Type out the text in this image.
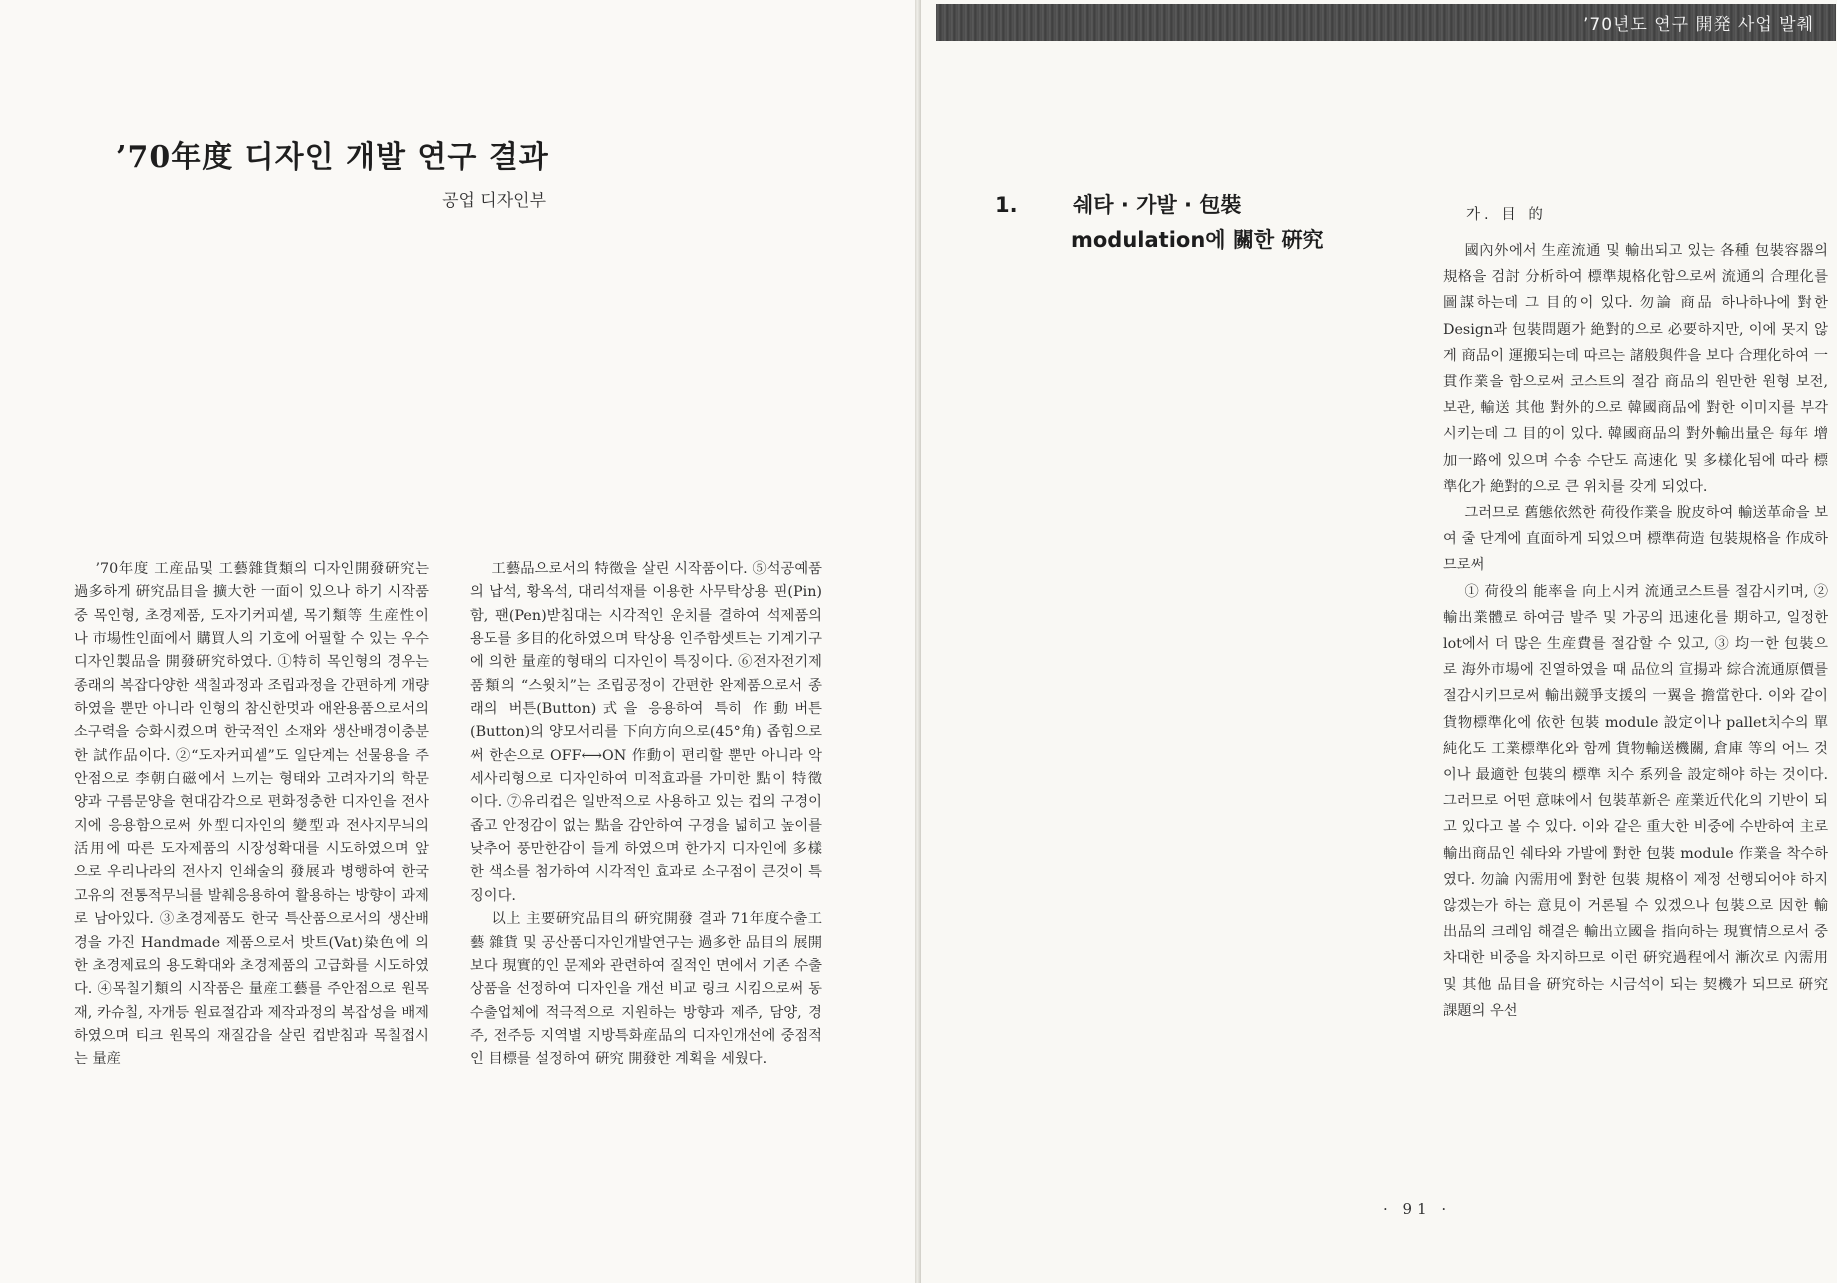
’70年度 디자인 개발 연구 결과
공업 디자인부

’70年度 工産品및 工藝雜貨類의 디자인開發硏究는 過多하게 硏究品目을 擴大한 一面이 있으나 하기 시작품중 목인형, 초경제품, 도자기커피셑, 목기類等 生産性이나 市場性인面에서 購買人의 기호에 어필할 수 있는 우수디자인製品을 開發硏究하였다. ①特히 목인형의 경우는 종래의 복잡다양한 색칠과정과 조립과정을 간편하게 개량하였을 뿐만 아니라 인형의 참신한멋과 애완용품으로서의 소구력을 승화시켰으며 한국적인 소재와 생산배경이충분한 試作品이다. ②“도자커피셑”도 일단계는 선물용을 주안점으로 李朝白磁에서 느끼는 형태와 고려자기의 학문양과 구름문양을 현대감각으로 편화정충한 디자인을 전사지에 응용함으로써 外型디자인의 變型과 전사지무늬의 活用에 따른 도자제품의 시장성확대를 시도하였으며 앞으로 우리나라의 전사지 인쇄술의 發展과 병행하여 한국 고유의 전통적무늬를 발췌응용하여 활용하는 방향이 과제로 남아있다. ③초경제품도 한국 특산품으로서의 생산배경을 가진 Handmade 제품으로서 밧트(Vat)染色에 의한 초경제료의 용도확대와 초경제품의 고급화를 시도하였다. ④목칠기類의 시작품은 量産工藝를 주안점으로 원목재, 카슈칠, 자개등 원료절감과 제작과정의 복잡성을 배제하였으며 티크 원목의 재질감을 살린 컵받침과 목칠접시는 量産

工藝品으로서의 特徵을 살린 시작품이다. ⑤석공예품의 납석, 황옥석, 대리석재를 이용한 사무탁상용 핀(Pin)함, 팬(Pen)받침대는 시각적인 운치를 결하여 석제품의 용도를 多目的化하였으며 탁상용 인주함셋트는 기계기구에 의한 量産的형태의 디자인이 특징이다. ⑥전자전기제품類의 “스윗치”는 조립공정이 간편한 완제품으로서 종래의 버튼(Button)式을 응용하여 특히 作動버튼(Button)의 양모서리를 下向方向으로(45°角) 좁힘으로써 한손으로 OFF⟷ON 作動이 편리할 뿐만 아니라 악세사리형으로 디자인하여 미적효과를 가미한 點이 特徵이다. ⑦유리컵은 일반적으로 사용하고 있는 컵의 구경이 좁고 안정감이 없는 點을 감안하여 구경을 넓히고 높이를 낮추어 풍만한감이 들게 하였으며 한가지 디자인에 多樣한 색소를 첨가하여 시각적인 효과로 소구점이 큰것이 특징이다.

以上 主要硏究品目의 硏究開發 결과 71年度수출工藝 雜貨 및 공산품디자인개발연구는 過多한 品目의 展開보다 現實的인 문제와 관련하여 질적인 면에서 기존 수출상품을 선정하여 디자인을 개선 비교 링크 시킴으로써 동수출업체에 적극적으로 지원하는 방향과 제주, 담양, 경주, 전주등 지역별 지방특화産品의 디자인개선에 중점적인 目標를 설정하여 硏究 開發한 계획을 세웠다.

’70년도 연구 開発 사업 발췌
1.	쉐타 · 가발 · 包裝
modulation에 關한 硏究
가. 目 的

國內外에서 生産流通 및 輸出되고 있는 各種 包裝容器의 規格을 검討 分析하여 標準規格化함으로써 流通의 合理化를 圖謀하는데 그 目的이 있다. 勿論 商品 하나하나에 對한 Design과 包裝問題가 絶對的으로 必要하지만, 이에 못지 않게 商品이 運搬되는데 따르는 諸般與件을 보다 合理化하여 一貫作業을 함으로써 코스트의 절감 商品의 원만한 원형 보전, 보관, 輸送 其他 對外的으로 韓國商品에 對한 이미지를 부각시키는데 그 目的이 있다. 韓國商品의 對外輸出量은 每年 增加一路에 있으며 수송 수단도 高速化 및 多樣化됨에 따라 標準化가 絶對的으로 큰 위치를 갖게 되었다.

그러므로 舊態依然한 荷役作業을 脫皮하여 輸送革命을 보여 줄 단계에 直面하게 되었으며 標準荷造 包裝規格을 作成하므로써

① 荷役의 能率을 向上시켜 流通코스트를 절감시키며, ② 輸出業體로 하여금 발주 및 가공의 迅速化를 期하고, 일정한 lot에서 더 많은 生産費를 절감할 수 있고, ③ 均一한 包裝으로 海外市場에 진열하였을 때 品位의 宣揚과 綜合流通原價를 절감시키므로써 輸出競爭支援의 一翼을 擔當한다. 이와 같이 貨物標準化에 依한 包裝 module 設定이나 pallet치수의 單純化도 工業標準化와 함께 貨物輸送機關, 倉庫 等의 어느 것이나 最適한 包裝의 標準 치수 系列을 設定해야 하는 것이다. 그러므로 어떤 意味에서 包裝革新은 産業近代化의 기반이 되고 있다고 볼 수 있다. 이와 같은 重大한 비중에 수반하여 主로 輸出商品인 쉐타와 가발에 對한 包裝 module 作業을 착수하였다. 勿論 內需用에 對한 包裝 規格이 제정 선행되어야 하지 않겠는가 하는 意見이 거론될 수 있겠으나 包裝으로 因한 輸出品의 크레임 해결은 輸出立國을 指向하는 現實情으로서 중차대한 비중을 차지하므로 이런 硏究過程에서 漸次로 內需用 및 其他 品目을 硏究하는 시금석이 되는 契機가 되므로 硏究課題의 우선

· 91 ·
